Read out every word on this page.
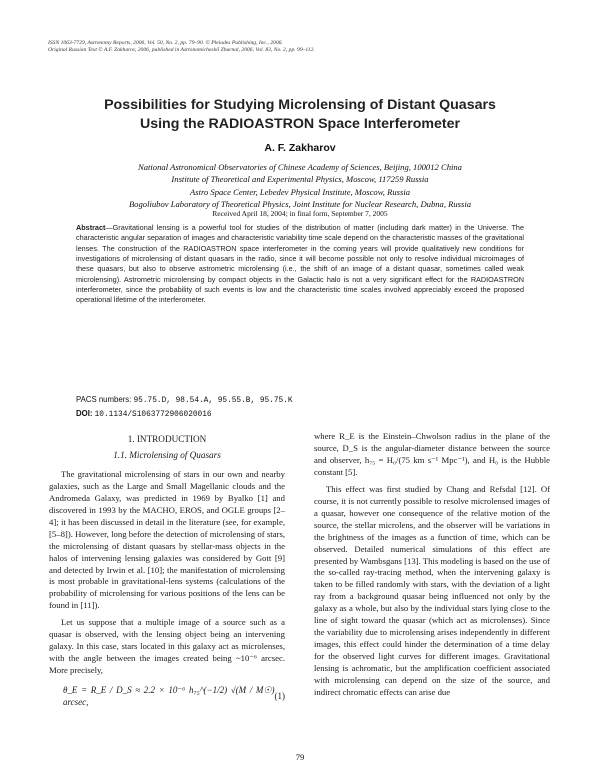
ISSN 1063-7729, Astronomy Reports, 2006, Vol. 50, No. 2, pp. 79–90. © Pleiades Publishing, Inc., 2006.
Original Russian Text © A.F. Zakharov, 2006, published in Astronomicheskiĭ Zhurnal, 2006, Vol. 83, No. 2, pp. 99–112.
Possibilities for Studying Microlensing of Distant Quasars
Using the RADIOASTRON Space Interferometer
A. F. Zakharov
National Astronomical Observatories of Chinese Academy of Sciences, Beijing, 100012 China
Institute of Theoretical and Experimental Physics, Moscow, 117259 Russia
Astro Space Center, Lebedev Physical Institute, Moscow, Russia
Bogoliubov Laboratory of Theoretical Physics, Joint Institute for Nuclear Research, Dubna, Russia
Received April 18, 2004; in final form, September 7, 2005
Abstract—Gravitational lensing is a powerful tool for studies of the distribution of matter (including dark matter) in the Universe. The characteristic angular separation of images and characteristic variability time scale depend on the characteristic masses of the gravitational lenses. The construction of the RADIOASTRON space interferometer in the coming years will provide qualitatively new conditions for investigations of microlensing of distant quasars in the radio, since it will become possible not only to resolve individual microimages of these quasars, but also to observe astrometric microlensing (i.e., the shift of an image of a distant quasar, sometimes called weak microlensing). Astrometric microlensing by compact objects in the Galactic halo is not a very significant effect for the RADIOASTRON interferometer, since the probability of such events is low and the characteristic time scales involved appreciably exceed the proposed operational lifetime of the interferometer.
PACS numbers: 95.75.D, 98.54.A, 95.55.B, 95.75.K
DOI: 10.1134/S1063772906020016
1. INTRODUCTION
1.1. Microlensing of Quasars

The gravitational microlensing of stars in our own and nearby galaxies, such as the Large and Small Magellanic clouds and the Andromeda Galaxy, was predicted in 1969 by Byalko [1] and discovered in 1993 by the MACHO, EROS, and OGLE groups [2–4]; it has been discussed in detail in the literature (see, for example, [5–8]). However, long before the detection of microlensing of stars, the microlensing of distant quasars by stellar-mass objects in the halos of intervening lensing galaxies was considered by Gott [9] and detected by Irwin et al. [10]; the manifestation of microlensing is most probable in gravitational-lens systems (calculations of the probability of microlensing for various positions of the lens can be found in [11]).

Let us suppose that a multiple image of a source such as a quasar is observed, with the lensing object being an intervening galaxy. In this case, stars located in this galaxy act as microlenses, with the angle between the images created being ~10⁻⁶ arcsec. More precisely,

θ_E = R_E / D_S ≈ 2.2 × 10⁻⁶ h₇₅^(−1/2) √(M / M☉) arcsec,
(1)

where R_E is the Einstein–Chwolson radius in the plane of the source, D_S is the angular-diameter distance between the source and observer, h₇₅ = H₀/(75 km s⁻¹ Mpc⁻¹), and H₀ is the Hubble constant [5].

This effect was first studied by Chang and Refsdal [12]. Of course, it is not currently possible to resolve microlensed images of a quasar, however one consequence of the relative motion of the source, the stellar microlens, and the observer will be variations in the brightness of the images as a function of time, which can be observed. Detailed numerical simulations of this effect are presented by Wambsgans [13]. This modeling is based on the use of the so-called ray-tracing method, when the intervening galaxy is taken to be filled randomly with stars, with the deviation of a light ray from a background quasar being influenced not only by the galaxy as a whole, but also by the individual stars lying close to the line of sight toward the quasar (which act as microlenses). Since the variability due to microlensing arises independently in different images, this effect could hinder the determination of a time delay for the observed light curves for different images. Gravitational lensing is achromatic, but the amplification coefficient associated with microlensing can depend on the size of the source, and indirect chromatic effects can arise due

79
